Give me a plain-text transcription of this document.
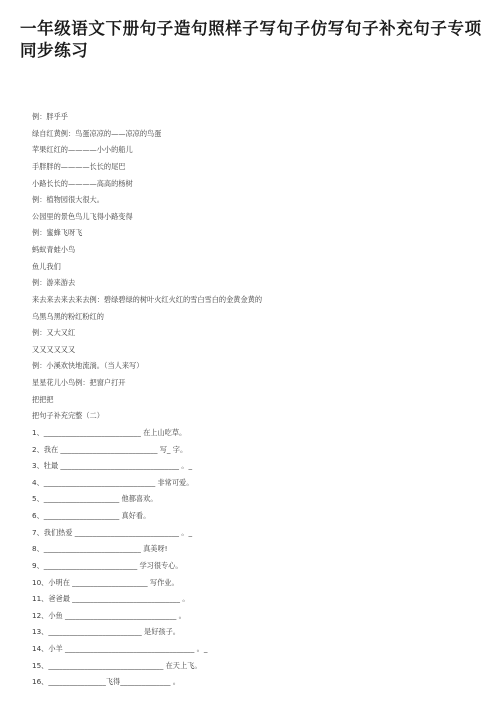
一年级语文下册句子造句照样子写句子仿写句子补充句子专项同步练习
例：胖乎乎
绿自红黄例：鸟蛋凉凉的——凉凉的鸟蛋
苹果红红的————小小的船儿
手胖胖的————长长的尾巴
小路长长的————高高的杨树
例：植物园很大很大。
公园里的景色鸟儿飞得小路变得
例：蜜蜂飞呀飞
蚂蚁青蛙小鸟
鱼儿我们
例：游来游去
来去来去来去来去例：碧绿碧绿的树叶火红火红的雪白雪白的金黄金黄的
乌黑乌黑的粉红粉红的
例：又大又红
又又又又又又
例：小溪欢快地流淌。（当人来写）
星星花儿小鸟例：把窗户打开
把把把
把句子补充完整（二）
1、___________________________ 在上山吃草。
2、我在 ___________________________ 写_ 字。
3、牡最 _________________________________ 。_
4、_______________________________ 非常可爱。
5、_____________________ 他都喜欢。
6、_____________________ 真好看。
7、我们热爱 _____________________________ 。_
8、___________________________ 真美呀!
9、__________________________ 学习很专心。
10、小明在 _____________________ 写作业。
11、爸爸最 ______________________________ 。
12、小鱼 _______________________________ 。
13、__________________________ 是好孩子。
14、小羊 ____________________________________ 。_
15、________________________________ 在天上飞。
16、________________飞得______________ 。
